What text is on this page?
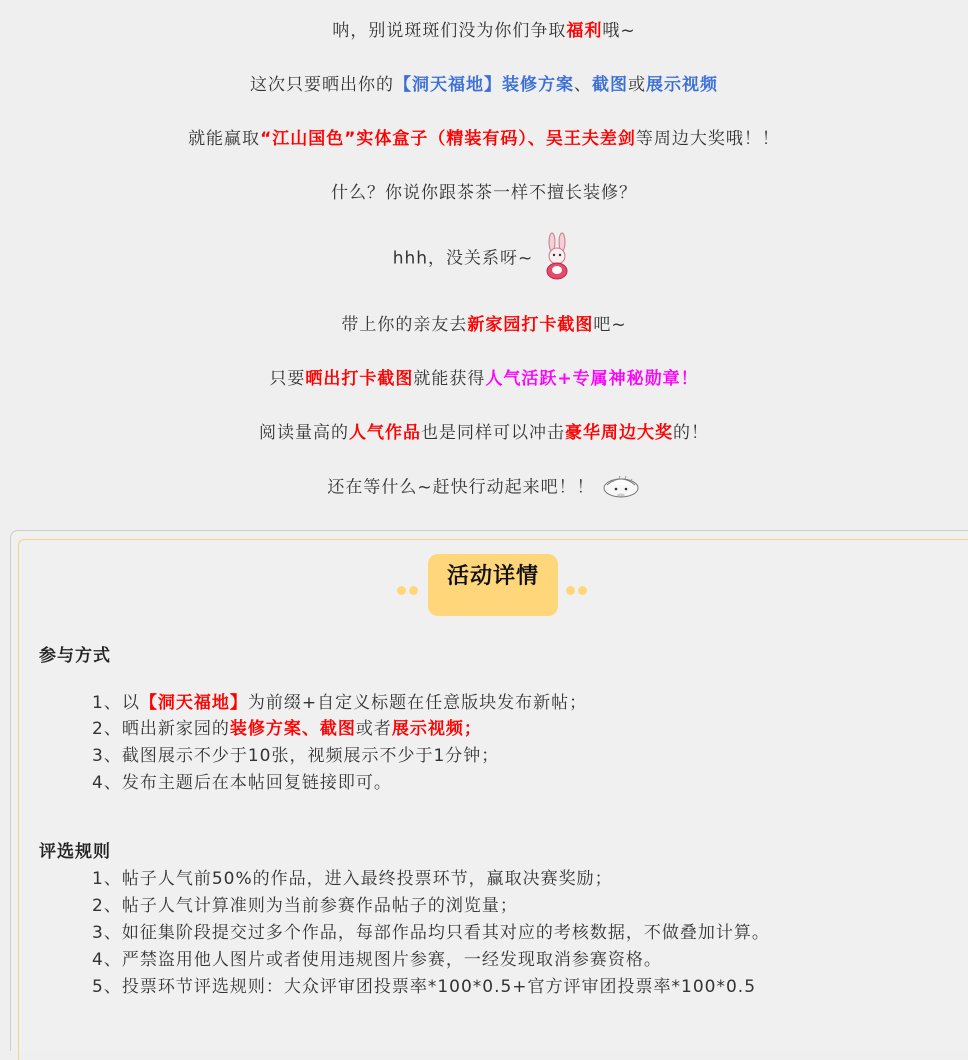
呐，别说斑斑们没为你们争取福利哦~
这次只要晒出你的【洞天福地】装修方案、截图或展示视频
就能赢取“江山国色”实体盒子（精装有码）、吴王夫差剑等周边大奖哦！！
什么？你说你跟茶茶一样不擅长装修？
hhh，没关系呀~
带上你的亲友去新家园打卡截图吧~
只要晒出打卡截图就能获得人气活跃+专属神秘勋章！
阅读量高的人气作品也是同样可以冲击豪华周边大奖的！
还在等什么~赶快行动起来吧！！
活动详情
参与方式
1、以【洞天福地】为前缀+自定义标题在任意版块发布新帖；
2、晒出新家园的装修方案、截图或者展示视频；
3、截图展示不少于10张，视频展示不少于1分钟；
4、发布主题后在本帖回复链接即可。
评选规则
1、帖子人气前50%的作品，进入最终投票环节，赢取决赛奖励；
2、帖子人气计算准则为当前参赛作品帖子的浏览量；
3、如征集阶段提交过多个作品，每部作品均只看其对应的考核数据，不做叠加计算。
4、严禁盗用他人图片或者使用违规图片参赛，一经发现取消参赛资格。
5、投票环节评选规则：大众评审团投票率*100*0.5+官方评审团投票率*100*0.5
